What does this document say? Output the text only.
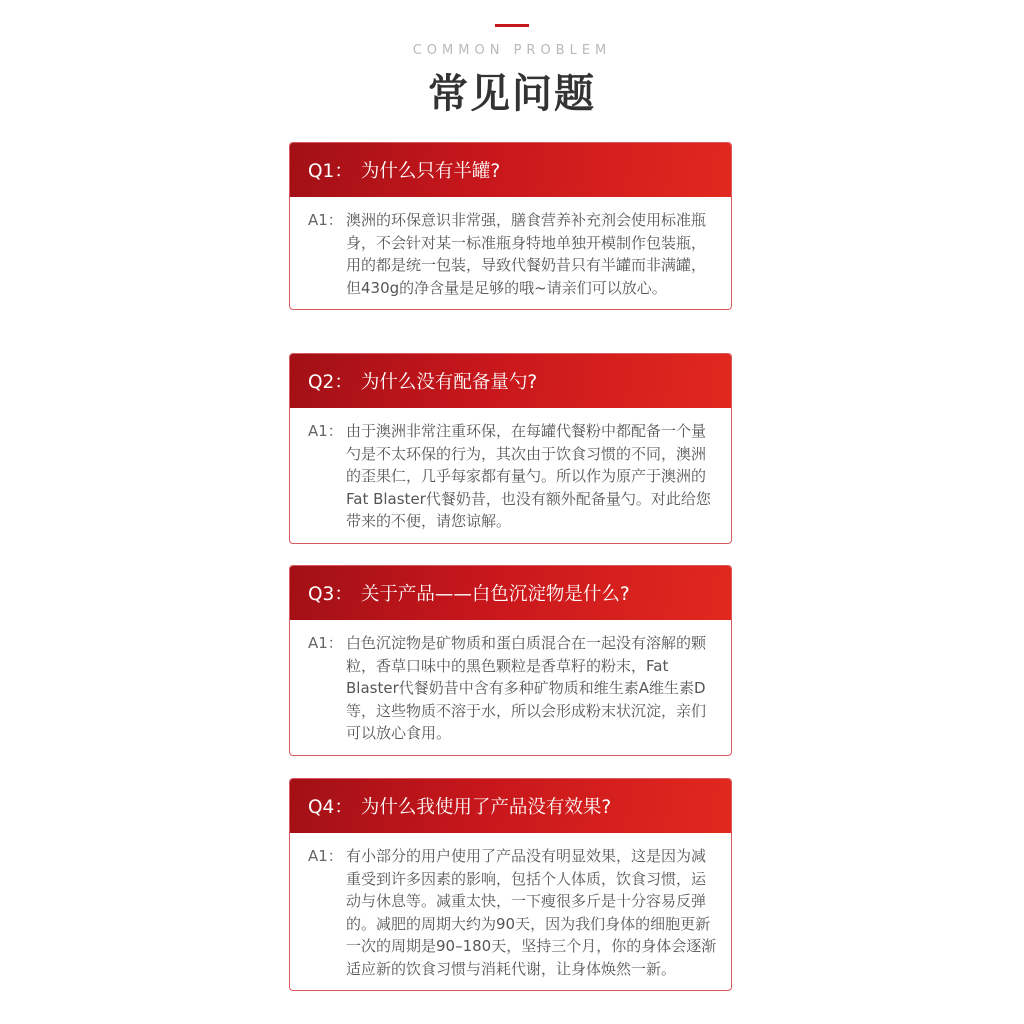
COMMON PROBLEM
常见问题
Q1： 为什么只有半罐?
A1： 澳洲的环保意识非常强，膳食营养补充剂会使用标准瓶身，不会针对某一标准瓶身特地单独开模制作包装瓶，用的都是统一包装，导致代餐奶昔只有半罐而非满罐，但430g的净含量是足够的哦~请亲们可以放心。
Q2： 为什么没有配备量勺?
A1： 由于澳洲非常注重环保，在每罐代餐粉中都配备一个量勺是不太环保的行为，其次由于饮食习惯的不同，澳洲的歪果仁，几乎每家都有量勺。所以作为原产于澳洲的Fat Blaster代餐奶昔，也没有额外配备量勺。对此给您带来的不便，请您谅解。
Q3： 关于产品——白色沉淀物是什么?
A1： 白色沉淀物是矿物质和蛋白质混合在一起没有溶解的颗粒，香草口味中的黑色颗粒是香草籽的粉末，Fat Blaster代餐奶昔中含有多种矿物质和维生素A维生素D等，这些物质不溶于水，所以会形成粉末状沉淀，亲们可以放心食用。
Q4： 为什么我使用了产品没有效果?
A1： 有小部分的用户使用了产品没有明显效果，这是因为减重受到许多因素的影响，包括个人体质，饮食习惯，运动与休息等。减重太快，一下瘦很多斤是十分容易反弹的。减肥的周期大约为90天，因为我们身体的细胞更新一次的周期是90–180天，坚持三个月，你的身体会逐渐适应新的饮食习惯与消耗代谢，让身体焕然一新。
